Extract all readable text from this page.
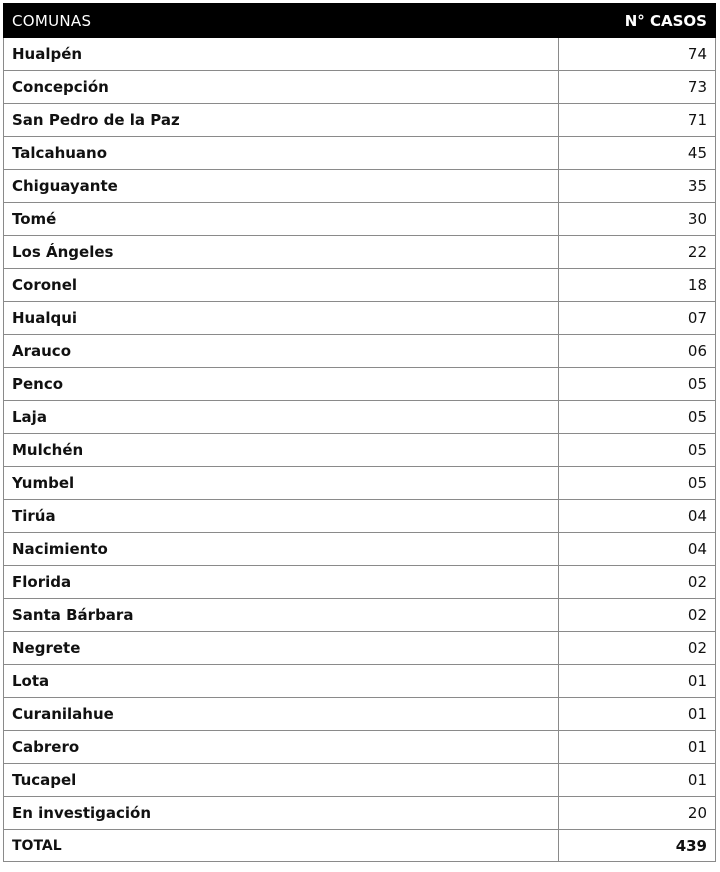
COMUNAS	N° CASOS
Hualpén	74
Concepción	73
San Pedro de la Paz	71
Talcahuano	45
Chiguayante	35
Tomé	30
Los Ángeles	22
Coronel	18
Hualqui	07
Arauco	06
Penco	05
Laja	05
Mulchén	05
Yumbel	05
Tirúa	04
Nacimiento	04
Florida	02
Santa Bárbara	02
Negrete	02
Lota	01
Curanilahue	01
Cabrero	01
Tucapel	01
En investigación	20
TOTAL	439
